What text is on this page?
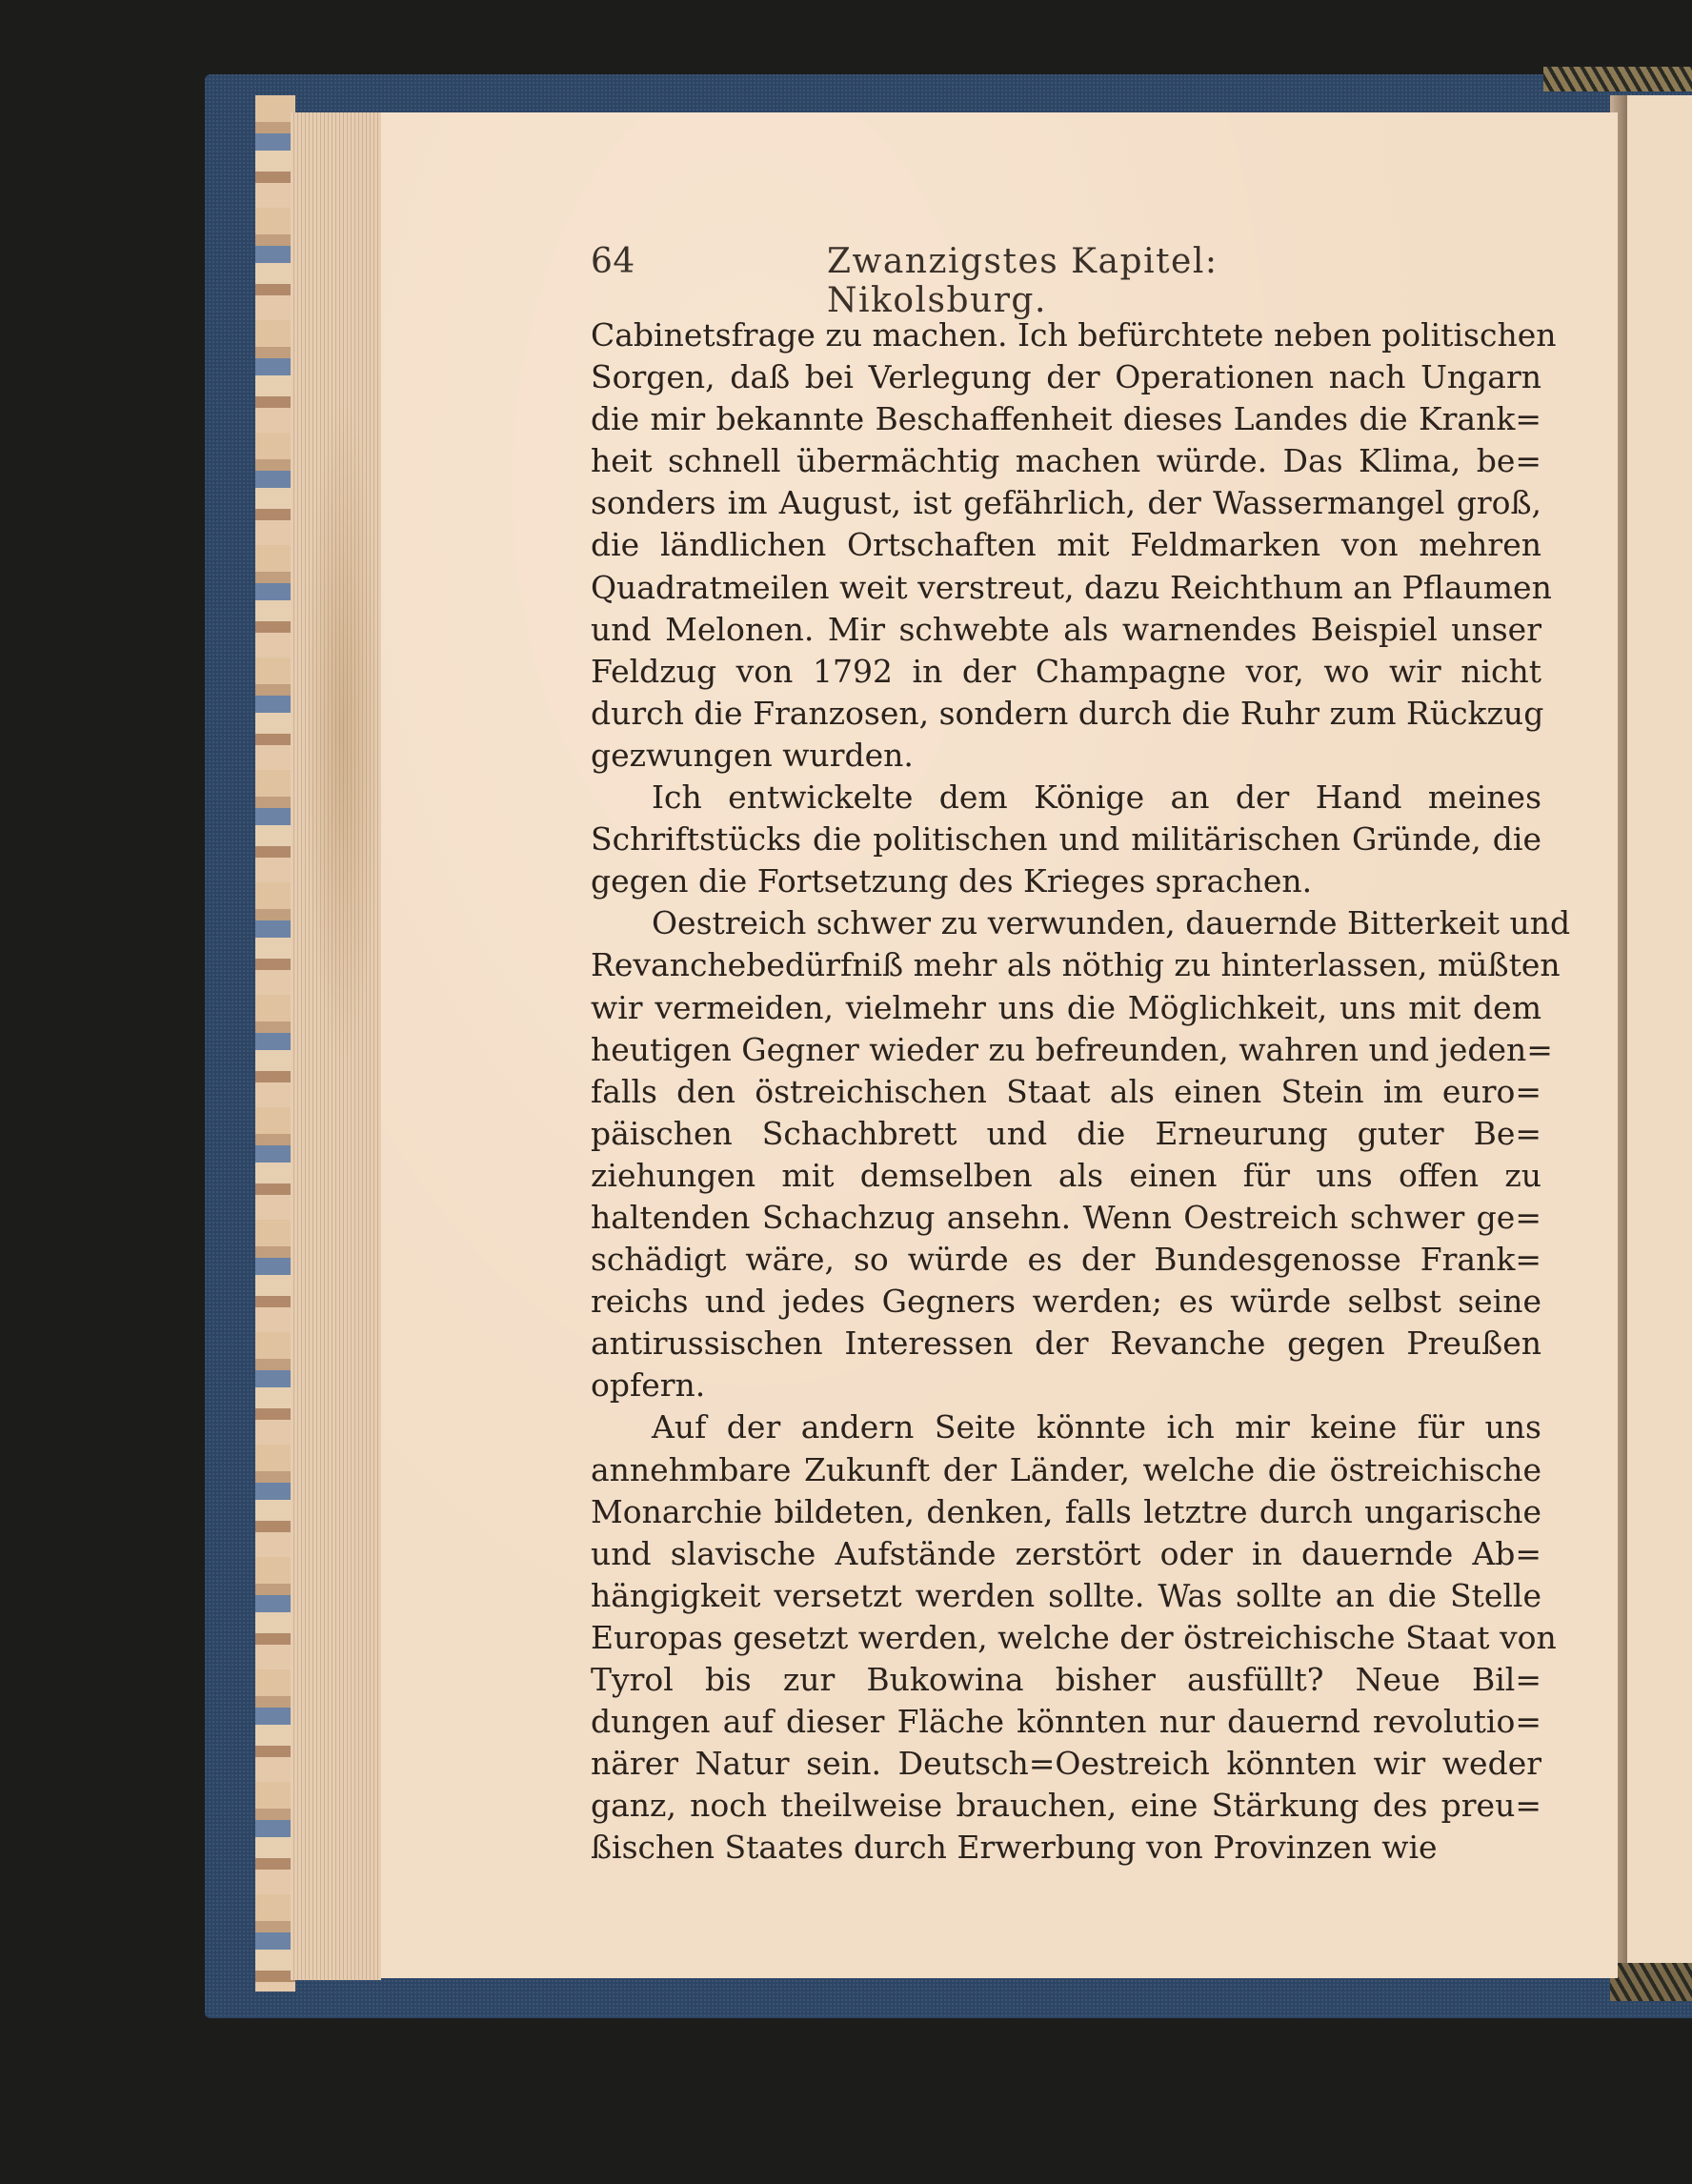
64	Zwanzigstes Kapitel: Nikolsburg.

Cabinetsfrage zu machen. Ich befürchtete neben politischen
Sorgen, daß bei Verlegung der Operationen nach Ungarn
die mir bekannte Beschaffenheit dieses Landes die Krank=
heit schnell übermächtig machen würde. Das Klima, be=
sonders im August, ist gefährlich, der Wassermangel groß,
die ländlichen Ortschaften mit Feldmarken von mehren
Quadratmeilen weit verstreut, dazu Reichthum an Pflaumen
und Melonen. Mir schwebte als warnendes Beispiel unser
Feldzug von 1792 in der Champagne vor, wo wir nicht
durch die Franzosen, sondern durch die Ruhr zum Rückzug
gezwungen wurden.

Ich entwickelte dem Könige an der Hand meines
Schriftstücks die politischen und militärischen Gründe, die
gegen die Fortsetzung des Krieges sprachen.

Oestreich schwer zu verwunden, dauernde Bitterkeit und
Revanchebedürfniß mehr als nöthig zu hinterlassen, müßten
wir vermeiden, vielmehr uns die Möglichkeit, uns mit dem
heutigen Gegner wieder zu befreunden, wahren und jeden=
falls den östreichischen Staat als einen Stein im euro=
päischen Schachbrett und die Erneurung guter Be=
ziehungen mit demselben als einen für uns offen zu
haltenden Schachzug ansehn. Wenn Oestreich schwer ge=
schädigt wäre, so würde es der Bundesgenosse Frank=
reichs und jedes Gegners werden; es würde selbst seine
antirussischen Interessen der Revanche gegen Preußen
opfern.

Auf der andern Seite könnte ich mir keine für uns
annehmbare Zukunft der Länder, welche die östreichische
Monarchie bildeten, denken, falls letztre durch ungarische
und slavische Aufstände zerstört oder in dauernde Ab=
hängigkeit versetzt werden sollte. Was sollte an die Stelle
Europas gesetzt werden, welche der östreichische Staat von
Tyrol bis zur Bukowina bisher ausfüllt? Neue Bil=
dungen auf dieser Fläche könnten nur dauernd revolutio=
närer Natur sein. Deutsch=Oestreich könnten wir weder
ganz, noch theilweise brauchen, eine Stärkung des preu=
ßischen Staates durch Erwerbung von Provinzen wie
